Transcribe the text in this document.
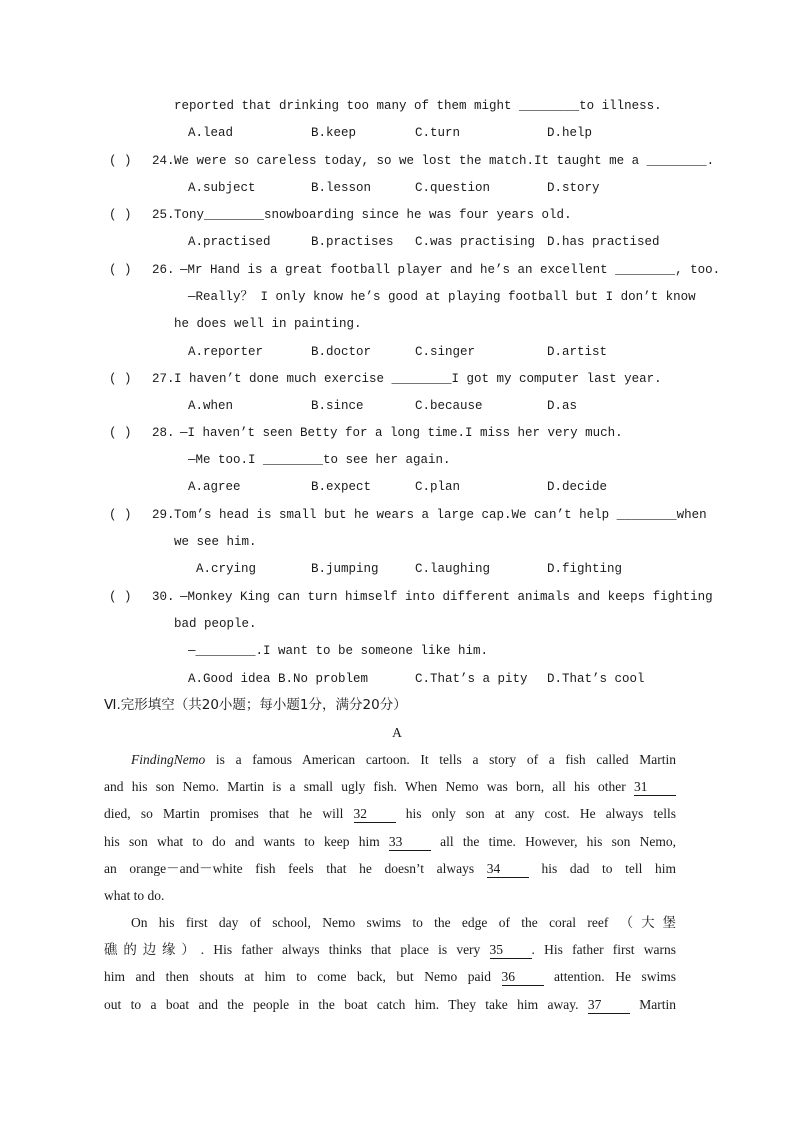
reported that drinking too many of them might ________to illness.
A.lead	B.keep	C.turn	D.help
( ) 24. We were so careless today, so we lost the match.It taught me a ________.
A.subject	B.lesson	C.question	D.story
( ) 25. Tony________snowboarding since he was four years old.
A.practised	B.practises C.was practising D.has practised
( ) 26. —Mr Hand is a great football player and he’s an excellent ________, too.
—Really？ I only know he’s good at playing football but I don’t know
he does well in painting.
A.reporter	B.doctor	C.singer	D.artist
( ) 27. I haven’t done much exercise ________I got my computer last year.
A.when	B.since	C.because	D.as
( ) 28. —I haven’t seen Betty for a long time.I miss her very much.
—Me too.I ________to see her again.
A.agree	B.expect	C.plan	D.decide
( ) 29. Tom’s head is small but he wears a large cap.We can’t help ________when
we see him.
A.crying	B.jumping	C.laughing	D.fighting
( ) 30. —Monkey King can turn himself into different animals and keeps fighting
bad people.
—________.I want to be someone like him.
A.Good idea B.No problem	C.That’s a pity D.That’s cool
Ⅵ.完形填空（共20小题；每小题1分，满分20分）
A
FindingNemo is a famous American cartoon. It tells a story of a fish called Martin
and his son Nemo. Martin is a small ugly fish. When Nemo was born, all his other 31
died, so Martin promises that he will 32 his only son at any cost. He always tells
his son what to do and wants to keep him 33 all the time. However, his son Nemo,
an orange－and－white fish feels that he doesn’t always 34 his dad to tell him
what to do.
On his first day of school, Nemo swims to the edge of the coral reef （大堡
礁的边缘）. His father always thinks that place is very 35 . His father first warns
him and then shouts at him to come back, but Nemo paid 36 attention. He swims
out to a boat and the people in the boat catch him. They take him away. 37 Martin
